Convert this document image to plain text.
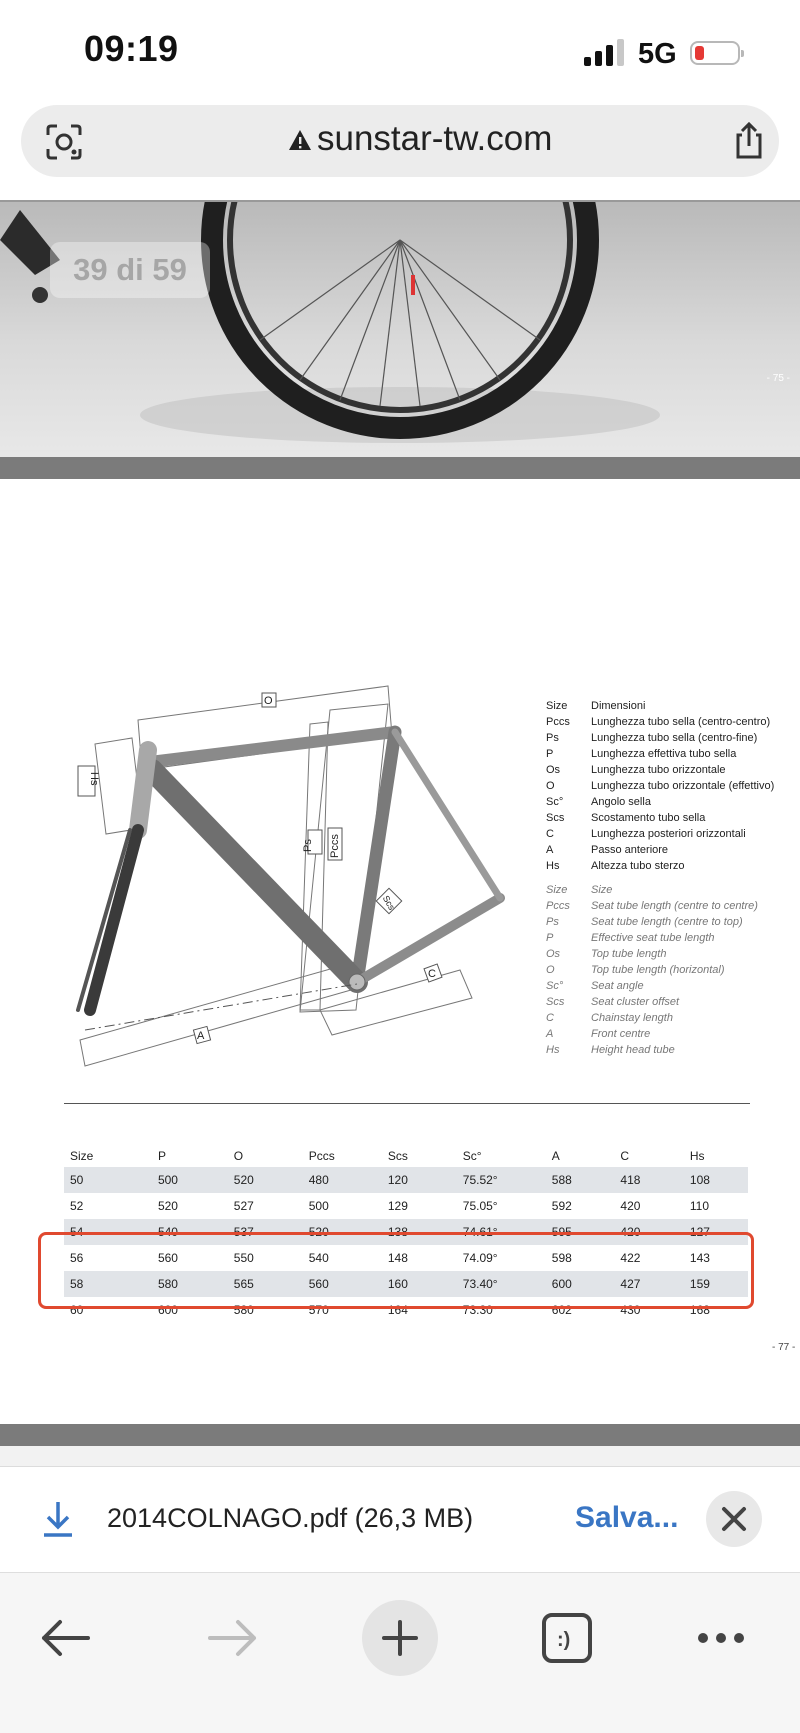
09:19	5G
sunstar-tw.com
39 di 59
- 75 -
O
Hs
Ps Pccs
Scs
C
A
Size	Dimensioni
Pccs	Lunghezza tubo sella (centro-centro)
Ps	Lunghezza tubo sella (centro-fine)
P	Lunghezza effettiva tubo sella
Os	Lunghezza tubo orizzontale
O	Lunghezza tubo orizzontale (effettivo)
Sc°	Angolo sella
Scs	Scostamento tubo sella
C	Lunghezza posteriori orizzontali
A	Passo anteriore
Hs	Altezza tubo sterzo
Size	Size
Pccs	Seat tube length (centre to centre)
Ps	Seat tube length (centre to top)
P	Effective seat tube length
Os	Top tube length
O	Top tube length (horizontal)
Sc°	Seat angle
Scs	Seat cluster offset
C	Chainstay length
A	Front centre
Hs	Height head tube
Size	P	O	Pccs	Scs	Sc°	A	C	Hs
50	500	520	480	120	75.52°	588	418	108
52	520	527	500	129	75.05°	592	420	110
54	540	537	520	138	74.61°	595	420	127
56	560	550	540	148	74.09°	598	422	143
58	580	565	560	160	73.40°	600	427	159
60	600	580	570	164	73.30°	602	430	168
- 77 -
2014COLNAGO.pdf (26,3 MB)	Salva...
:)
